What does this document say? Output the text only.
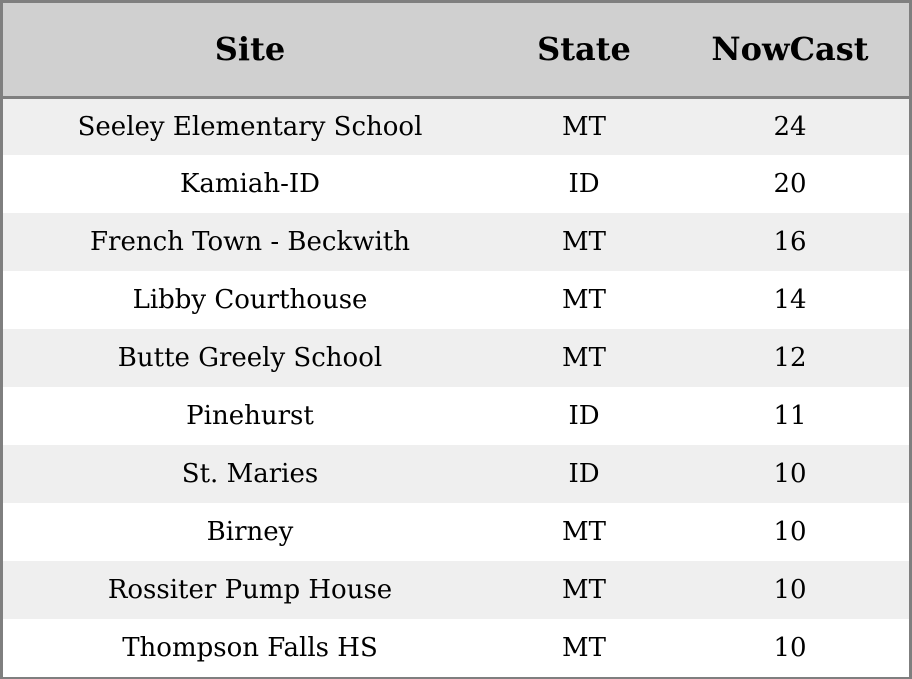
Site	State	NowCast
Seeley Elementary School	MT	24
Kamiah-ID	ID	20
French Town - Beckwith	MT	16
Libby Courthouse	MT	14
Butte Greely School	MT	12
Pinehurst	ID	11
St. Maries	ID	10
Birney	MT	10
Rossiter Pump House	MT	10
Thompson Falls HS	MT	10
